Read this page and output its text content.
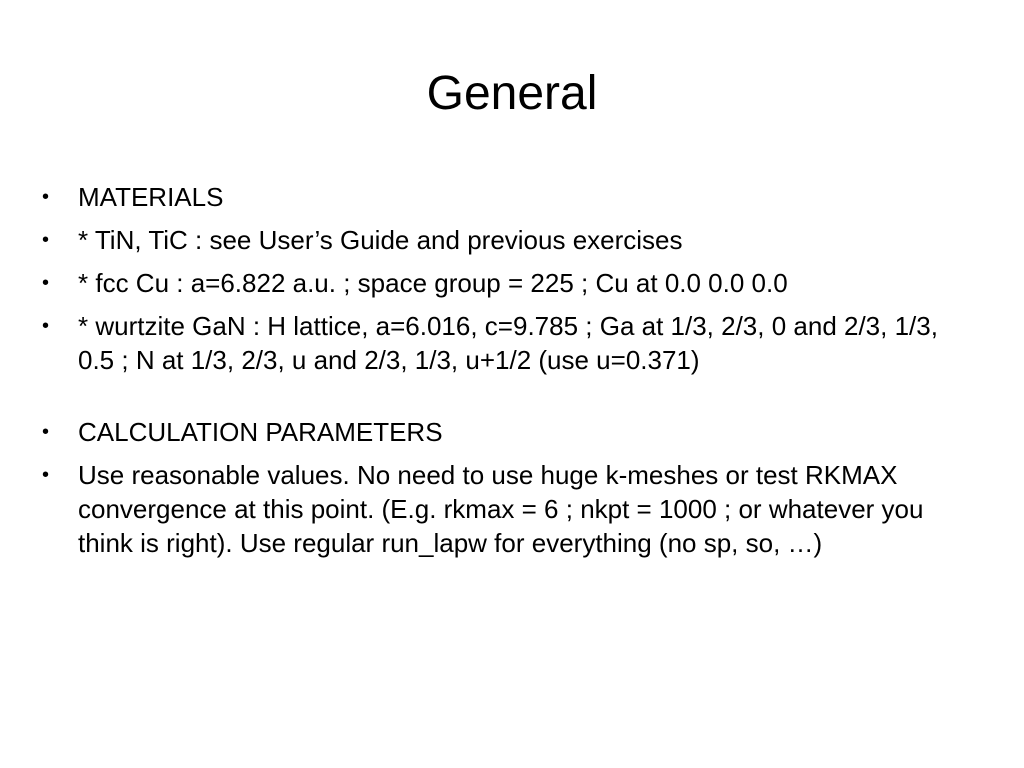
General
• MATERIALS
• * TiN, TiC : see User’s Guide and previous exercises
• * fcc Cu : a=6.822 a.u. ; space group = 225 ; Cu at 0.0 0.0 0.0
• * wurtzite GaN : H lattice, a=6.016, c=9.785 ; Ga at 1/3, 2/3, 0 and 2/3, 1/3, 0.5 ; N at 1/3, 2/3, u and 2/3, 1/3, u+1/2 (use u=0.371)
• CALCULATION PARAMETERS
• Use reasonable values. No need to use huge k-meshes or test RKMAX convergence at this point. (E.g. rkmax = 6 ; nkpt = 1000 ; or whatever you think is right). Use regular run_lapw for everything (no sp, so, …)
